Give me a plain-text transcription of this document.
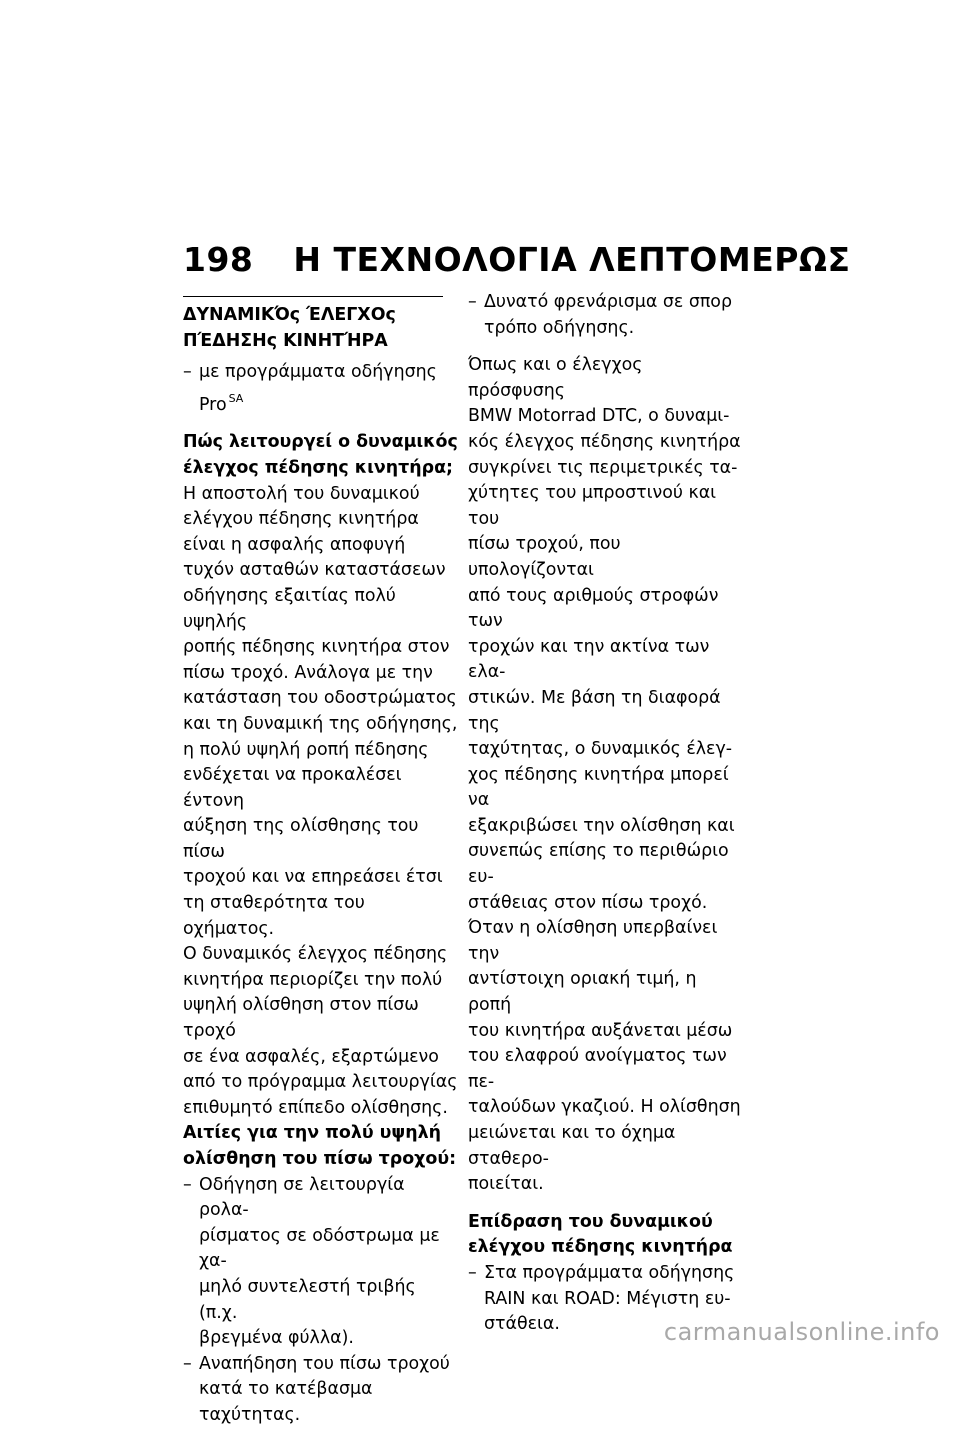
198 Η ΤΕΧΝΟΛΟΓΙΑ ΛΕΠΤΟΜΕΡΩΣ
ΔΥΝΑΜΙΚΌς ΈΛΕΓΧΟς
ΠΈΔΗΣΗς ΚΙΝΗΤΉΡΑ
– με προγράμματα οδήγησης
Pro $^{SA}$
Πώς λειτουργεί ο δυναμικός
έλεγχος πέδησης κινητήρα;
Η αποστολή του δυναμικού
ελέγχου πέδησης κινητήρα
είναι η ασφαλής αποφυγή
τυχόν ασταθών καταστάσεων
οδήγησης εξαιτίας πολύ υψηλής
ροπής πέδησης κινητήρα στον
πίσω τροχό. Ανάλογα με την
κατάσταση του οδοστρώματος
και τη δυναμική της οδήγησης,
η πολύ υψηλή ροπή πέδησης
ενδέχεται να προκαλέσει έντονη
αύξηση της ολίσθησης του πίσω
τροχού και να επηρεάσει έτσι
τη σταθερότητα του οχήματος.
Ο δυναμικός έλεγχος πέδησης
κινητήρα περιορίζει την πολύ
υψηλή ολίσθηση στον πίσω τροχό
σε ένα ασφαλές, εξαρτώμενο
από το πρόγραμμα λειτουργίας
επιθυμητό επίπεδο ολίσθησης.
Αιτίες για την πολύ υψηλή
ολίσθηση του πίσω τροχού:
– Οδήγηση σε λειτουργία ρολα-
ρίσματος σε οδόστρωμα με χα-
μηλό συντελεστή τριβής (π.χ.
βρεγμένα φύλλα).
– Αναπήδηση του πίσω τροχού
κατά το κατέβασμα ταχύτητας.
– Δυνατό φρενάρισμα σε σπορ
τρόπο οδήγησης.
Όπως και ο έλεγχος πρόσφυσης
BMW Motorrad DTC, ο δυναμι-
κός έλεγχος πέδησης κινητήρα
συγκρίνει τις περιμετρικές τα-
χύτητες του μπροστινού και του
πίσω τροχού, που υπολογίζονται
από τους αριθμούς στροφών των
τροχών και την ακτίνα των ελα-
στικών. Με βάση τη διαφορά της
ταχύτητας, ο δυναμικός έλεγ-
χος πέδησης κινητήρα μπορεί να
εξακριβώσει την ολίσθηση και
συνεπώς επίσης το περιθώριο ευ-
στάθειας στον πίσω τροχό.
Όταν η ολίσθηση υπερβαίνει την
αντίστοιχη οριακή τιμή, η ροπή
του κινητήρα αυξάνεται μέσω
του ελαφρού ανοίγματος των πε-
ταλούδων γκαζιού. Η ολίσθηση
μειώνεται και το όχημα σταθερο-
ποιείται.
Επίδραση του δυναμικού
ελέγχου πέδησης κινητήρα
– Στα προγράμματα οδήγησης
RAIN και ROAD: Μέγιστη ευ-
στάθεια.	carmanualsonline.info
